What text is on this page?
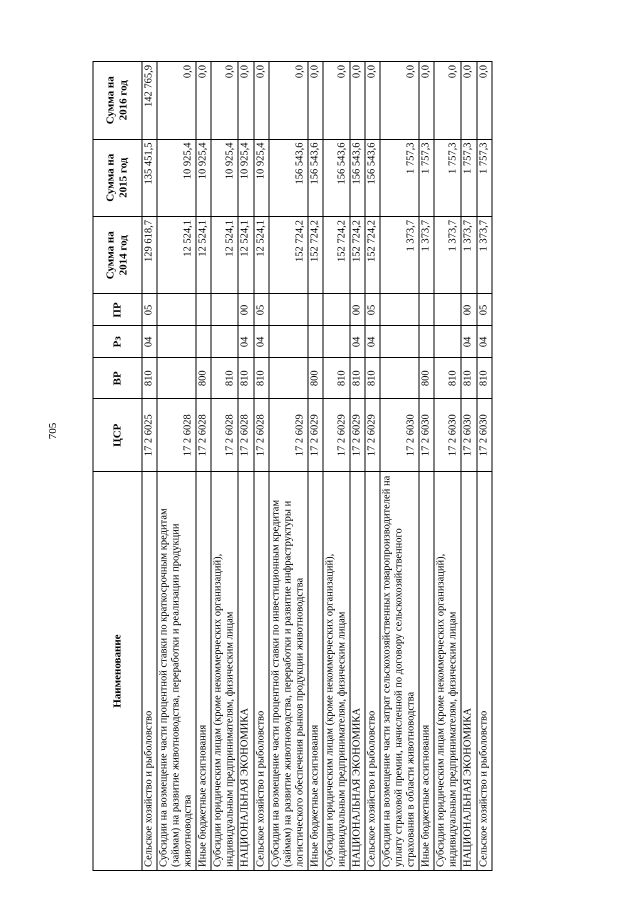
705
Наименование	ЦСР	ВР	Рз	ПР	Сумма на 2014 год	Сумма на 2015 год	Сумма на 2016 год
Сельское хозяйство и рыболовство	17 2 6025	810	04	05	129 618,7	135 451,5	142 765,9
Субсидии на возмещение части процентной ставки по краткосрочным кредитам (займам) на развитие животноводства, переработки и реализации продукции животноводства	17 2 6028				12 524,1	10 925,4	0,0
Иные бюджетные ассигнования	17 2 6028	800			12 524,1	10 925,4	0,0
Субсидии юридическим лицам (кроме некоммерческих организаций), индивидуальным предпринимателям, физическим лицам	17 2 6028	810			12 524,1	10 925,4	0,0
НАЦИОНАЛЬНАЯ ЭКОНОМИКА	17 2 6028	810	04	00	12 524,1	10 925,4	0,0
Сельское хозяйство и рыболовство	17 2 6028	810	04	05	12 524,1	10 925,4	0,0
Субсидии на возмещение части процентной ставки по инвестиционным кредитам (займам) на развитие животноводства, переработки и развитие инфраструктуры и логистического обеспечения рынков продукции животноводства	17 2 6029				152 724,2	156 543,6	0,0
Иные бюджетные ассигнования	17 2 6029	800			152 724,2	156 543,6	0,0
Субсидии юридическим лицам (кроме некоммерческих организаций), индивидуальным предпринимателям, физическим лицам	17 2 6029	810			152 724,2	156 543,6	0,0
НАЦИОНАЛЬНАЯ ЭКОНОМИКА	17 2 6029	810	04	00	152 724,2	156 543,6	0,0
Сельское хозяйство и рыболовство	17 2 6029	810	04	05	152 724,2	156 543,6	0,0
Субсидии на возмещение части затрат сельскохозяйственных товаропроизводителей на уплату страховой премии, начисленной по договору сельскохозяйственного страхования в области животноводства	17 2 6030				1 373,7	1 757,3	0,0
Иные бюджетные ассигнования	17 2 6030	800			1 373,7	1 757,3	0,0
Субсидии юридическим лицам (кроме некоммерческих организаций), индивидуальным предпринимателям, физическим лицам	17 2 6030	810			1 373,7	1 757,3	0,0
НАЦИОНАЛЬНАЯ ЭКОНОМИКА	17 2 6030	810	04	00	1 373,7	1 757,3	0,0
Сельское хозяйство и рыболовство	17 2 6030	810	04	05	1 373,7	1 757,3	0,0
